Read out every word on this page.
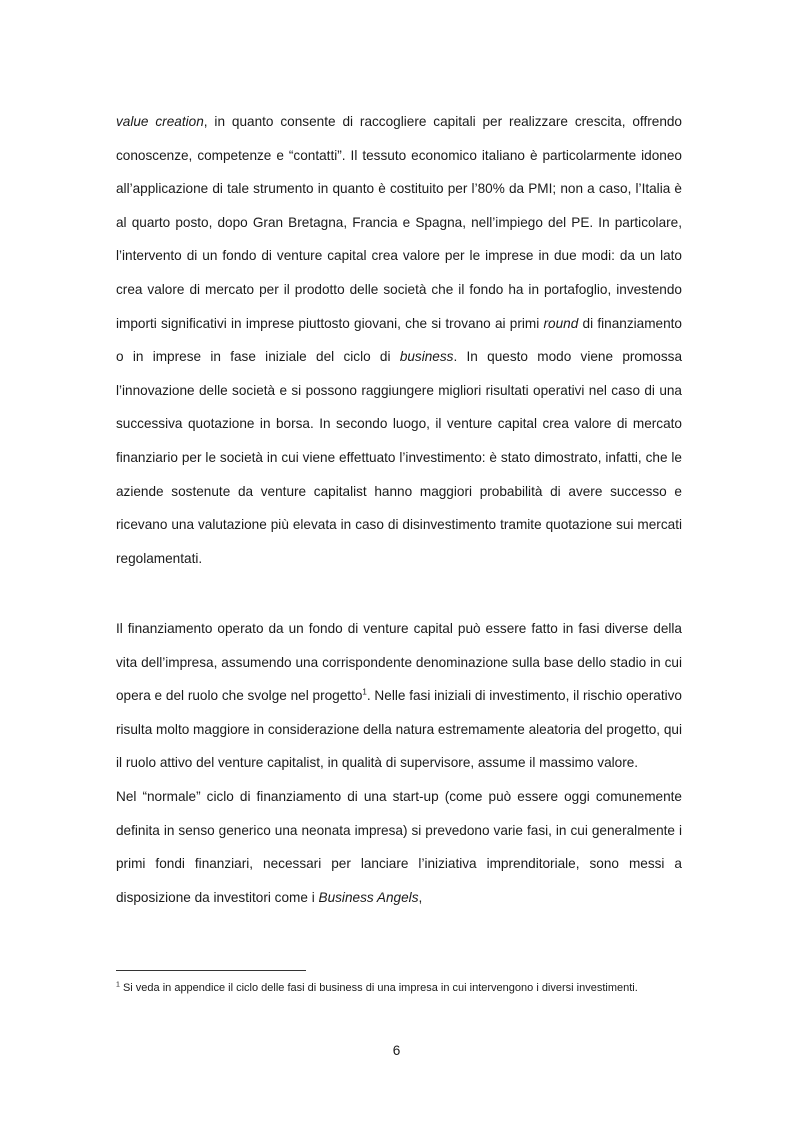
value creation, in quanto consente di raccogliere capitali per realizzare crescita, offrendo conoscenze, competenze e “contatti”. Il tessuto economico italiano è particolarmente idoneo all’applicazione di tale strumento in quanto è costituito per l’80% da PMI; non a caso, l’Italia è al quarto posto, dopo Gran Bretagna, Francia e Spagna, nell’impiego del PE. In particolare, l’intervento di un fondo di venture capital crea valore per le imprese in due modi: da un lato crea valore di mercato per il prodotto delle società che il fondo ha in portafoglio, investendo importi significativi in imprese piuttosto giovani, che si trovano ai primi round di finanziamento o in imprese in fase iniziale del ciclo di business. In questo modo viene promossa l’innovazione delle società e si possono raggiungere migliori risultati operativi nel caso di una successiva quotazione in borsa. In secondo luogo, il venture capital crea valore di mercato finanziario per le società in cui viene effettuato l’investimento: è stato dimostrato, infatti, che le aziende sostenute da venture capitalist hanno maggiori probabilità di avere successo e ricevano una valutazione più elevata in caso di disinvestimento tramite quotazione sui mercati regolamentati.

Il finanziamento operato da un fondo di venture capital può essere fatto in fasi diverse della vita dell’impresa, assumendo una corrispondente denominazione sulla base dello stadio in cui opera e del ruolo che svolge nel progetto$^1$. Nelle fasi iniziali di investimento, il rischio operativo risulta molto maggiore in considerazione della natura estremamente aleatoria del progetto, qui il ruolo attivo del venture capitalist, in qualità di supervisore, assume il massimo valore.

Nel “normale” ciclo di finanziamento di una start-up (come può essere oggi comunemente definita in senso generico una neonata impresa) si prevedono varie fasi, in cui generalmente i primi fondi finanziari, necessari per lanciare l’iniziativa imprenditoriale, sono messi a disposizione da investitori come i Business Angels,

$^1$ Si veda in appendice il ciclo delle fasi di business di una impresa in cui intervengono i diversi investimenti.

6
